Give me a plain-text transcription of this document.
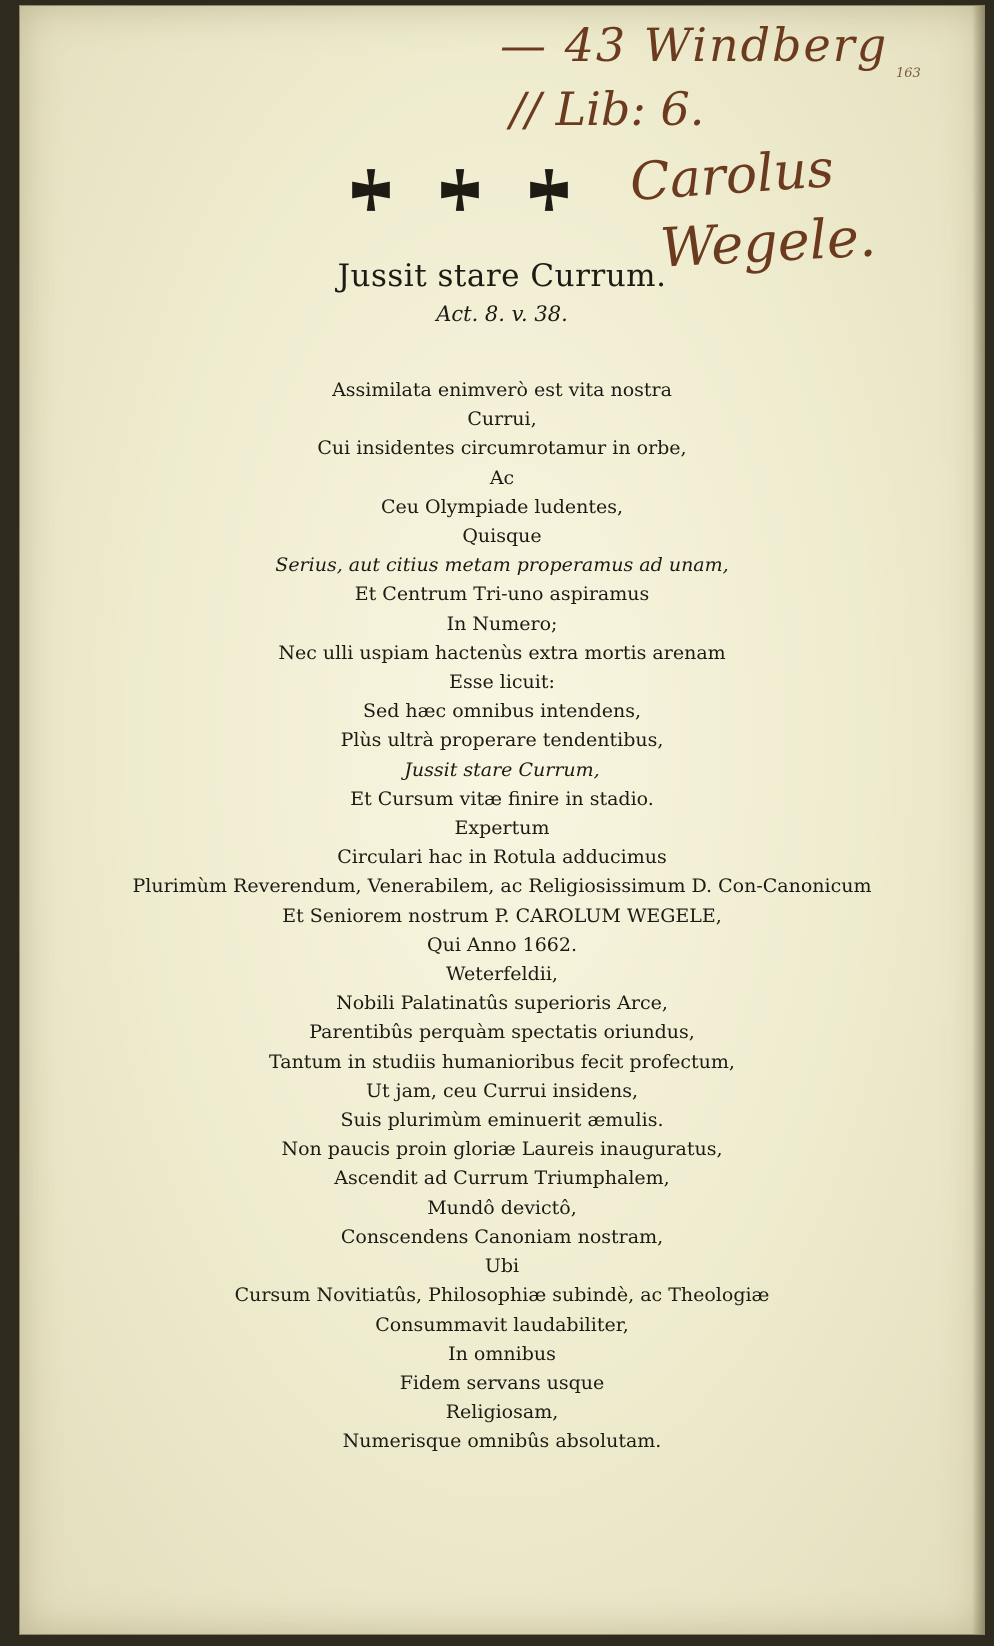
— 43 Windberg
// Lib: 6.
Carolus
Wegele.
163
Jussit stare Currum.
Act. 8. v. 38.
Assimilata enimverò est vita nostra
Currui,
Cui insidentes circumrotamur in orbe,
Ac
Ceu Olympiade ludentes,
Quisque
Serius, aut citius metam properamus ad unam,
Et Centrum Tri-uno aspiramus
In Numero;
Nec ulli uspiam hactenùs extra mortis arenam
Esse licuit:
Sed hæc omnibus intendens,
Plùs ultrà properare tendentibus,
Jussit stare Currum,
Et Cursum vitæ finire in stadio.
Expertum
Circulari hac in Rotula adducimus
Plurimùm Reverendum, Venerabilem, ac Religiosissimum D. Con-Canonicum
Et Seniorem nostrum P. CAROLUM WEGELE,
Qui Anno 1662.
Weterfeldii,
Nobili Palatinatûs superioris Arce,
Parentibûs perquàm spectatis oriundus,
Tantum in studiis humanioribus fecit profectum,
Ut jam, ceu Currui insidens,
Suis plurimùm eminuerit æmulis.
Non paucis proin gloriæ Laureis inauguratus,
Ascendit ad Currum Triumphalem,
Mundô devictô,
Conscendens Canoniam nostram,
Ubi
Cursum Novitiatûs, Philosophiæ subindè, ac Theologiæ
Consummavit laudabiliter,
In omnibus
Fidem servans usque
Religiosam,
Numerisque omnibûs absolutam.
